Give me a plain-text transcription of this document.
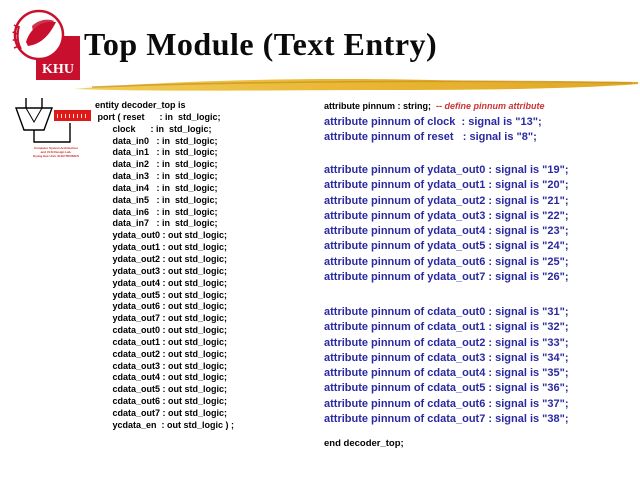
KHU
Top Module (Text Entry)
Computer System Architecture
and VLSI Design Lab.
Kyung Hee Univ. ELECTRONICS
entity decoder_top is
port ( reset      : in  std_logic;
clock      : in  std_logic;
data_in0   : in  std_logic;
data_in1   : in  std_logic;
data_in2   : in  std_logic;
data_in3   : in  std_logic;
data_in4   : in  std_logic;
data_in5   : in  std_logic;
data_in6   : in  std_logic;
data_in7   : in  std_logic;
ydata_out0 : out std_logic;
ydata_out1 : out std_logic;
ydata_out2 : out std_logic;
ydata_out3 : out std_logic;
ydata_out4 : out std_logic;
ydata_out5 : out std_logic;
ydata_out6 : out std_logic;
ydata_out7 : out std_logic;
cdata_out0 : out std_logic;
cdata_out1 : out std_logic;
cdata_out2 : out std_logic;
cdata_out3 : out std_logic;
cdata_out4 : out std_logic;
cdata_out5 : out std_logic;
cdata_out6 : out std_logic;
cdata_out7 : out std_logic;
ycdata_en  : out std_logic ) ;
attribute pinnum : string;  -- define pinnum attribute
attribute pinnum of clock  : signal is "13";
attribute pinnum of reset   : signal is "8";
attribute pinnum of ydata_out0 : signal is "19";
attribute pinnum of ydata_out1 : signal is "20";
attribute pinnum of ydata_out2 : signal is "21";
attribute pinnum of ydata_out3 : signal is "22";
attribute pinnum of ydata_out4 : signal is "23";
attribute pinnum of ydata_out5 : signal is "24";
attribute pinnum of ydata_out6 : signal is "25";
attribute pinnum of ydata_out7 : signal is "26";
attribute pinnum of cdata_out0 : signal is "31";
attribute pinnum of cdata_out1 : signal is "32";
attribute pinnum of cdata_out2 : signal is "33";
attribute pinnum of cdata_out3 : signal is "34";
attribute pinnum of cdata_out4 : signal is "35";
attribute pinnum of cdata_out5 : signal is "36";
attribute pinnum of cdata_out6 : signal is "37";
attribute pinnum of cdata_out7 : signal is "38";
end decoder_top;
